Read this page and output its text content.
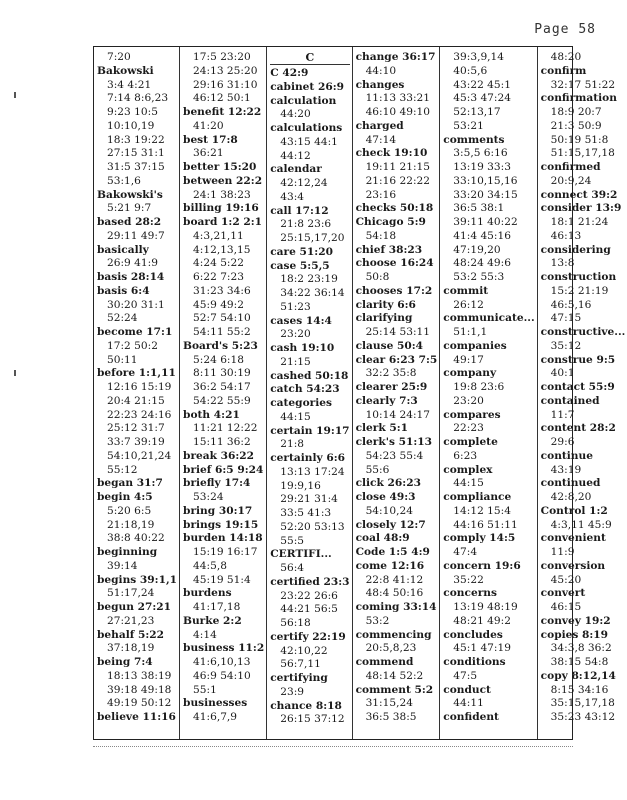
Page 58
7:20
Bakowski
3:4 4:21
7:14 8:6,23
9:23 10:5
10:10,19
18:3 19:22
27:15 31:1
31:5 37:15
53:1,6
Bakowski's
5:21 9:7
based 28:2
29:11 49:7
basically
26:9 41:9
basis 28:14
basis 6:4
30:20 31:1
52:24
become 17:1
17:2 50:2
50:11
before 1:1,11
12:16 15:19
20:4 21:15
22:23 24:16
25:12 31:7
33:7 39:19
54:10,21,24
55:12
began 31:7
begin 4:5
5:20 6:5
21:18,19
38:8 40:22
beginning
39:14
begins 39:1,1
51:17,24
begun 27:21
27:21,23
behalf 5:22
37:18,19
being 7:4
18:13 38:19
39:18 49:18
49:19 50:12
believe 11:16
17:5 23:20
24:13 25:20
29:16 31:10
46:12 50:1
benefit 12:22
41:20
best 17:8
36:21
better 15:20
between 22:2
24:1 38:23
billing 19:16
board 1:2 2:1
4:3,21,11
4:12,13,15
4:24 5:22
6:22 7:23
31:23 34:6
45:9 49:2
52:7 54:10
54:11 55:2
Board's 5:23
5:24 6:18
8:11 30:19
36:2 54:17
54:22 55:9
both 4:21
11:21 12:22
15:11 36:2
break 36:22
brief 6:5 9:24
briefly 17:4
53:24
bring 30:17
brings 19:15
burden 14:18
15:19 16:17
44:5,8
45:19 51:4
burdens
41:17,18
Burke 2:2
4:14
business 11:2
41:6,10,13
46:9 54:10
55:1
businesses
41:6,7,9
C
C 42:9
cabinet 26:9
calculation
44:20
calculations
43:15 44:1
44:12
calendar
42:12,24
43:4
call 17:12
21:8 23:6
25:15,17,20
care 51:20
case 5:5,5
18:2 23:19
34:22 36:14
51:23
cases 14:4
23:20
cash 19:10
21:15
cashed 50:18
catch 54:23
categories
44:15
certain 19:17
21:8
certainly 6:6
13:13 17:24
19:9,16
29:21 31:4
33:5 41:3
52:20 53:13
55:5
CERTIFI...
56:4
certified 23:3
23:22 26:6
44:21 56:5
56:18
certify 22:19
42:10,22
56:7,11
certifying
23:9
chance 8:18
26:15 37:12
change 36:17
44:10
changes
11:13 33:21
46:10 49:10
charged
47:14
check 19:10
19:11 21:15
21:16 22:22
23:16
checks 50:18
Chicago 5:9
54:18
chief 38:23
choose 16:24
50:8
chooses 17:2
clarity 6:6
clarifying
25:14 53:11
clause 50:4
clear 6:23 7:5
32:2 35:8
clearer 25:9
clearly 7:3
10:14 24:17
clerk 5:1
clerk's 51:13
54:23 55:4
55:6
click 26:23
close 49:3
54:10,24
closely 12:7
coal 48:9
Code 1:5 4:9
come 12:16
22:8 41:12
48:4 50:16
coming 33:14
53:2
commencing
20:5,8,23
commend
48:14 52:2
comment 5:2
31:15,24
36:5 38:5
39:3,9,14
40:5,6
43:22 45:1
45:3 47:24
52:13,17
53:21
comments
3:5,5 6:16
13:19 33:3
33:10,15,16
33:20 34:15
36:5 38:1
39:11 40:22
41:4 45:16
47:19,20
48:24 49:6
53:2 55:3
commit
26:12
communicate...
51:1,1
companies
49:17
company
19:8 23:6
23:20
compares
22:23
complete
6:23
complex
44:15
compliance
14:12 15:4
44:16 51:11
comply 14:5
47:4
concern 19:6
35:22
concerns
13:19 48:19
48:21 49:2
concludes
45:1 47:19
conditions
47:5
conduct
44:11
confident
48:20
confirm
32:17 51:22
confirmation
18:9 20:7
21:3 50:9
50:19 51:8
51:15,17,18
confirmed
20:9,24
connect 39:2
consider 13:9
18:1 21:24
46:13
considering
13:8
construction
15:2 21:19
46:5,16
47:15
constructive...
35:12
construe 9:5
40:1
contact 55:9
contained
11:7
content 28:2
29:6
continue
43:19
continued
42:8,20
Control 1:2
4:3,11 45:9
convenient
11:9
conversion
45:20
convert
46:15
convey 19:2
copies 8:19
34:3,8 36:2
38:15 54:8
copy 8:12,14
8:15 34:16
35:15,17,18
35:23 43:12
